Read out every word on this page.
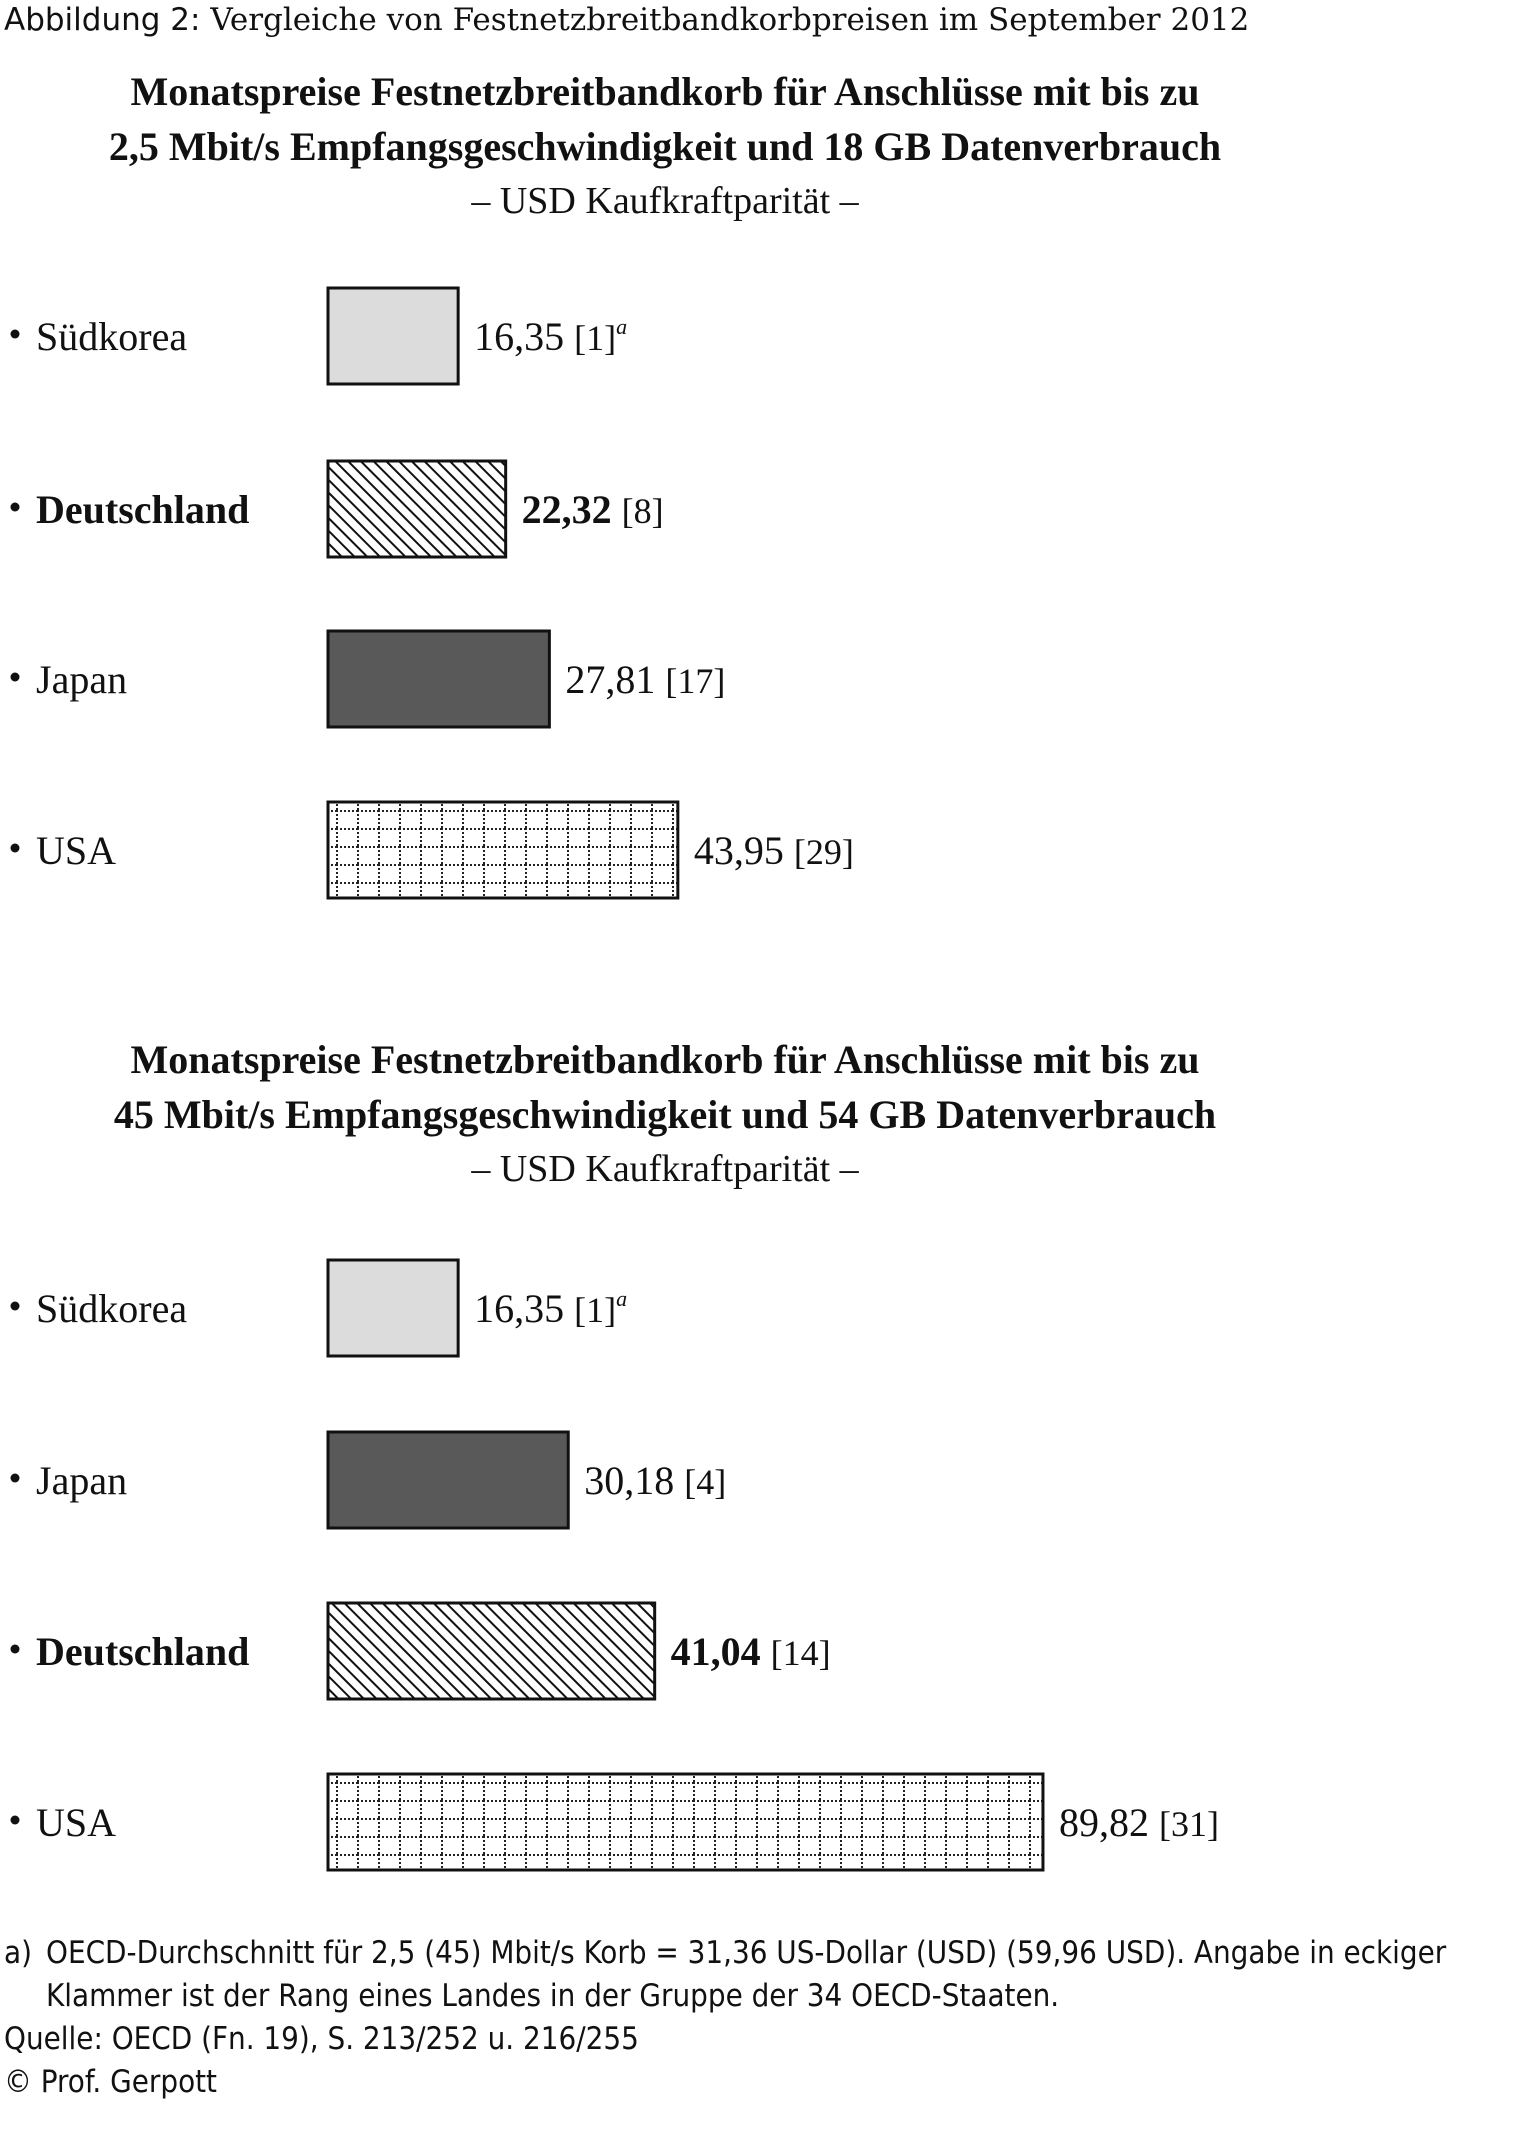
Abbildung 2: Vergleiche von Festnetzbreitbandkorbpreisen im September 2012

Monatspreise Festnetzbreitbandkorb für Anschlüsse mit bis zu
2,5 Mbit/s Empfangsgeschwindigkeit und 18 GB Datenverbrauch
– USD Kaufkraftparität –
Südkorea	16,35 [1]a
Deutschland	22,32 [8]
Japan	27,81 [17]
USA	43,95 [29]
Monatspreise Festnetzbreitbandkorb für Anschlüsse mit bis zu
45 Mbit/s Empfangsgeschwindigkeit und 54 GB Datenverbrauch
– USD Kaufkraftparität –
Südkorea	16,35 [1]a
Japan	30,18 [4]
Deutschland	41,04 [14]
USA	89,82 [31]
a) OECD-Durchschnitt für 2,5 (45) Mbit/s Korb = 31,36 US-Dollar (USD) (59,96 USD). Angabe in eckiger Klammer ist der Rang eines Landes in der Gruppe der 34 OECD-Staaten.

Quelle: OECD (Fn. 19), S. 213/252 u. 216/255

© Prof. Gerpott
